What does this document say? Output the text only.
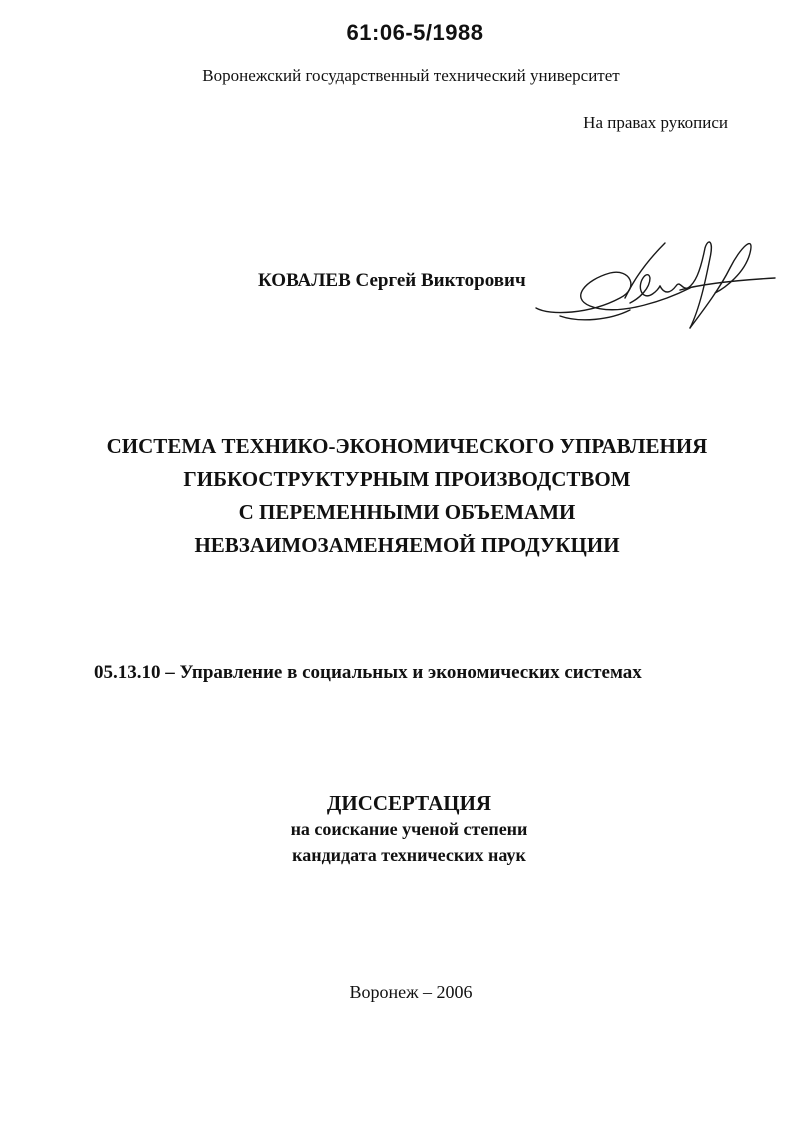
61:06-5/1988
Воронежский государственный технический университет
На правах рукописи
КОВАЛЕВ Сергей Викторович
СИСТЕМА ТЕХНИКО-ЭКОНОМИЧЕСКОГО УПРАВЛЕНИЯ
ГИБКОСТРУКТУРНЫМ ПРОИЗВОДСТВОМ
С ПЕРЕМЕННЫМИ ОБЪЕМАМИ
НЕВЗАИМОЗАМЕНЯЕМОЙ ПРОДУКЦИИ
05.13.10 – Управление в социальных и экономических системах
ДИССЕРТАЦИЯ
на соискание ученой степени
кандидата технических наук
Воронеж – 2006
